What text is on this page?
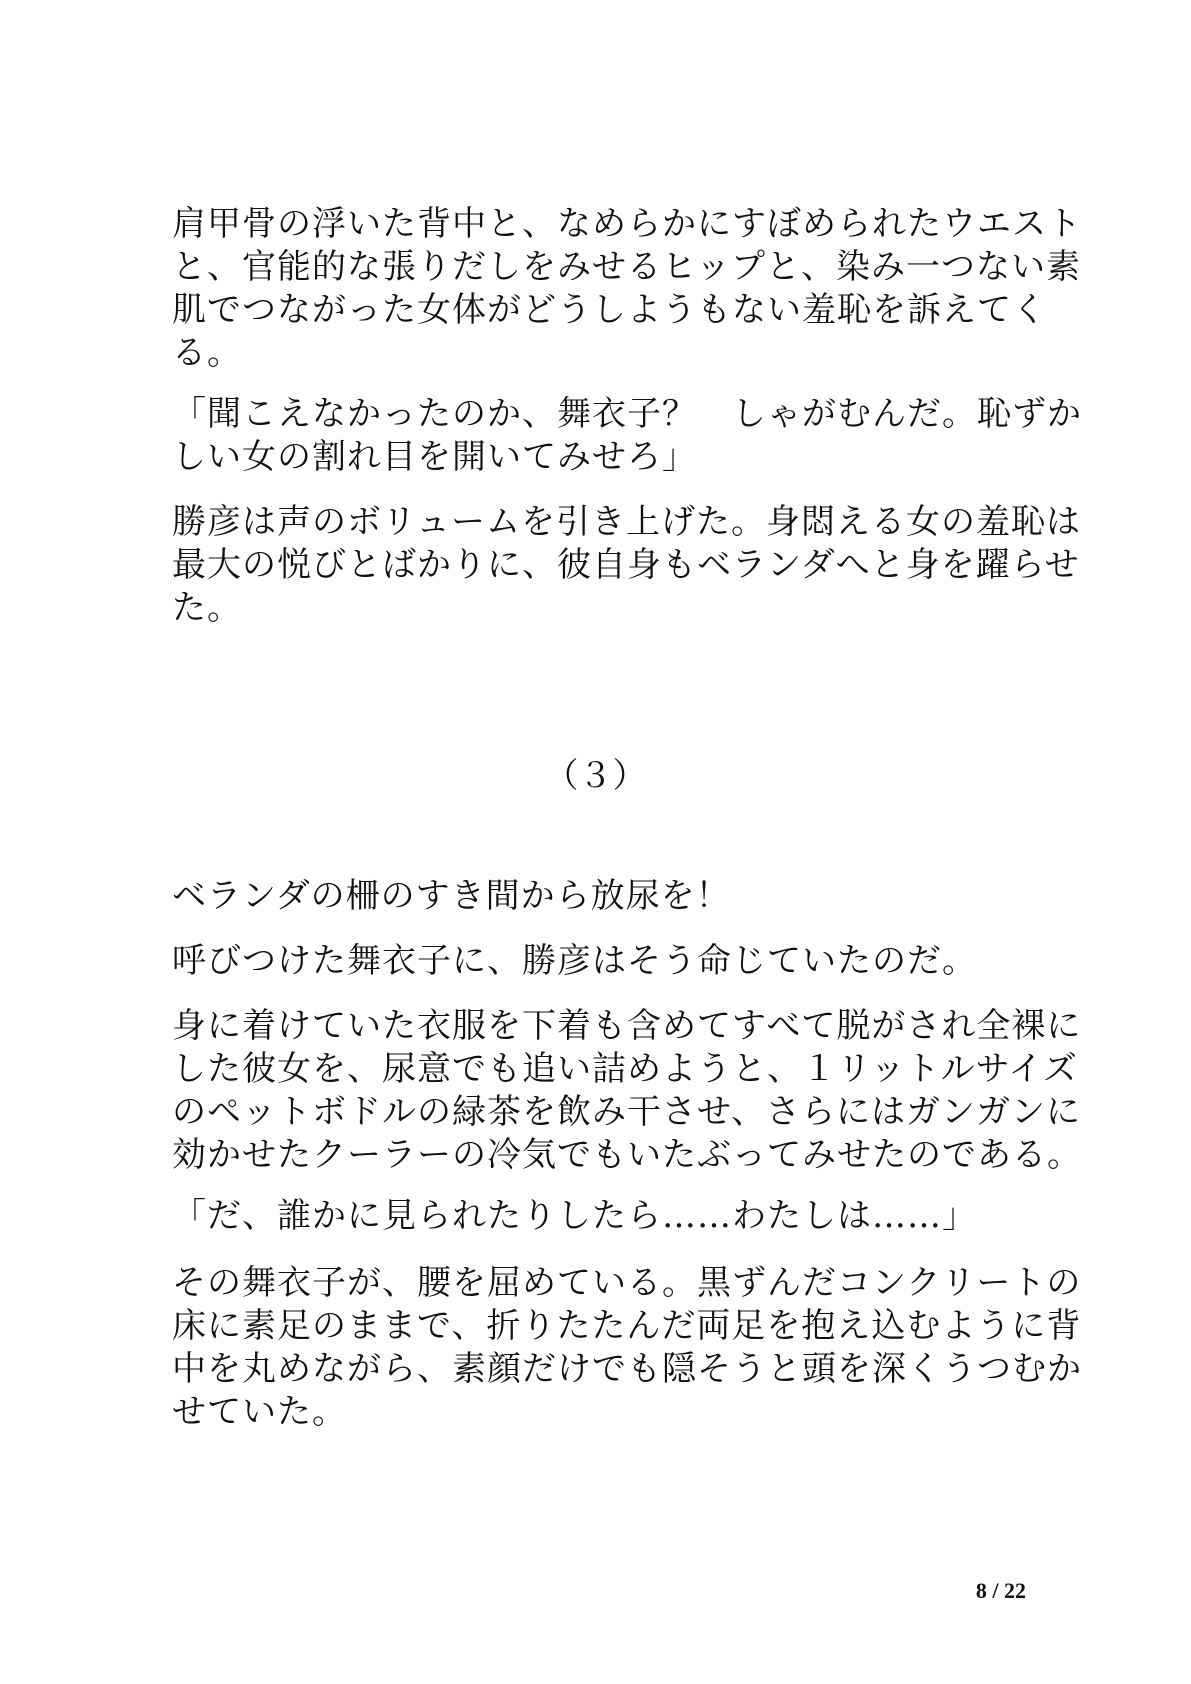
肩甲骨の浮いた背中と、なめらかにすぼめられたウエスト
と、官能的な張りだしをみせるヒップと、染み一つない素
肌でつながった女体がどうしようもない羞恥を訴えてく
る。

「聞こえなかったのか、舞衣子？　しゃがむんだ。恥ずか
しい女の割れ目を開いてみせろ」

勝彦は声のボリュームを引き上げた。身悶える女の羞恥は
最大の悦びとばかりに、彼自身もベランダへと身を躍らせ
た。

（３）

ベランダの柵のすき間から放尿を！

呼びつけた舞衣子に、勝彦はそう命じていたのだ。

身に着けていた衣服を下着も含めてすべて脱がされ全裸に
した彼女を、尿意でも追い詰めようと、１リットルサイズ
のペットボドルの緑茶を飲み干させ、さらにはガンガンに
効かせたクーラーの冷気でもいたぶってみせたのである。

「だ、誰かに見られたりしたら……わたしは……」

その舞衣子が、腰を屈めている。黒ずんだコンクリートの
床に素足のままで、折りたたんだ両足を抱え込むように背
中を丸めながら、素顔だけでも隠そうと頭を深くうつむか
せていた。

8 / 22
